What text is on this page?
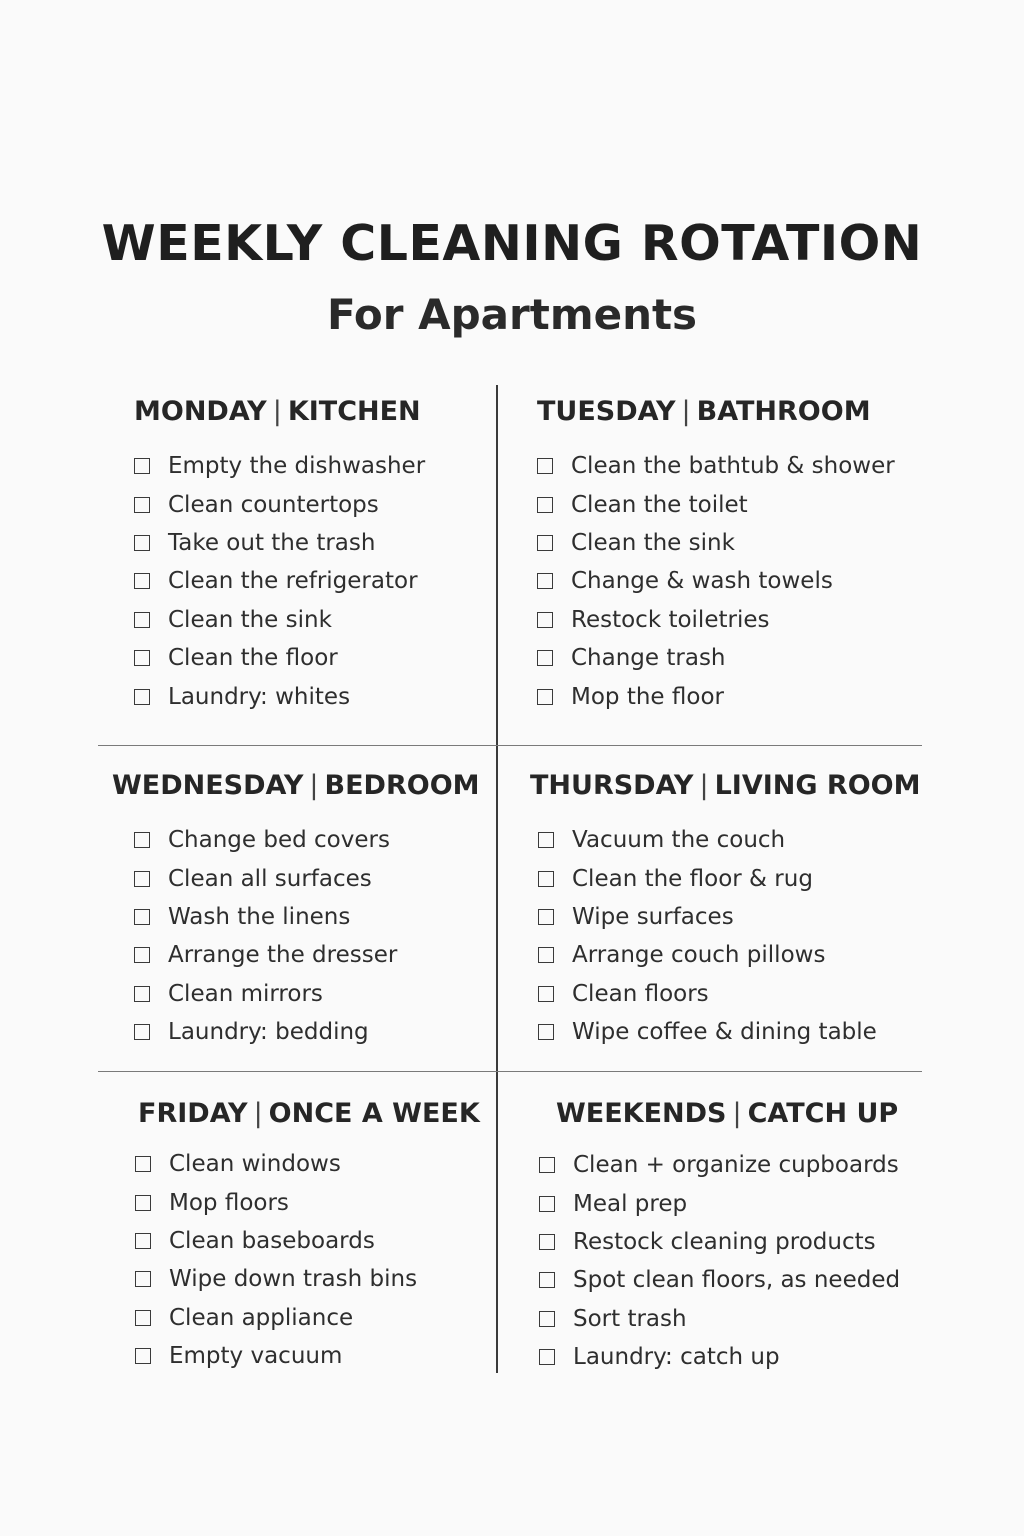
WEEKLY CLEANING ROTATION
For Apartments
MONDAY | KITCHEN
Empty the dishwasher
Clean countertops
Take out the trash
Clean the refrigerator
Clean the sink
Clean the floor
Laundry: whites
TUESDAY | BATHROOM
Clean the bathtub & shower
Clean the toilet
Clean the sink
Change & wash towels
Restock toiletries
Change trash
Mop the floor
WEDNESDAY | BEDROOM
Change bed covers
Clean all surfaces
Wash the linens
Arrange the dresser
Clean mirrors
Laundry: bedding
THURSDAY | LIVING ROOM
Vacuum the couch
Clean the floor & rug
Wipe surfaces
Arrange couch pillows
Clean floors
Wipe coffee & dining table
FRIDAY | ONCE A WEEK
Clean windows
Mop floors
Clean baseboards
Wipe down trash bins
Clean appliance
Empty vacuum
WEEKENDS | CATCH UP
Clean + organize cupboards
Meal prep
Restock cleaning products
Spot clean floors, as needed
Sort trash
Laundry: catch up
